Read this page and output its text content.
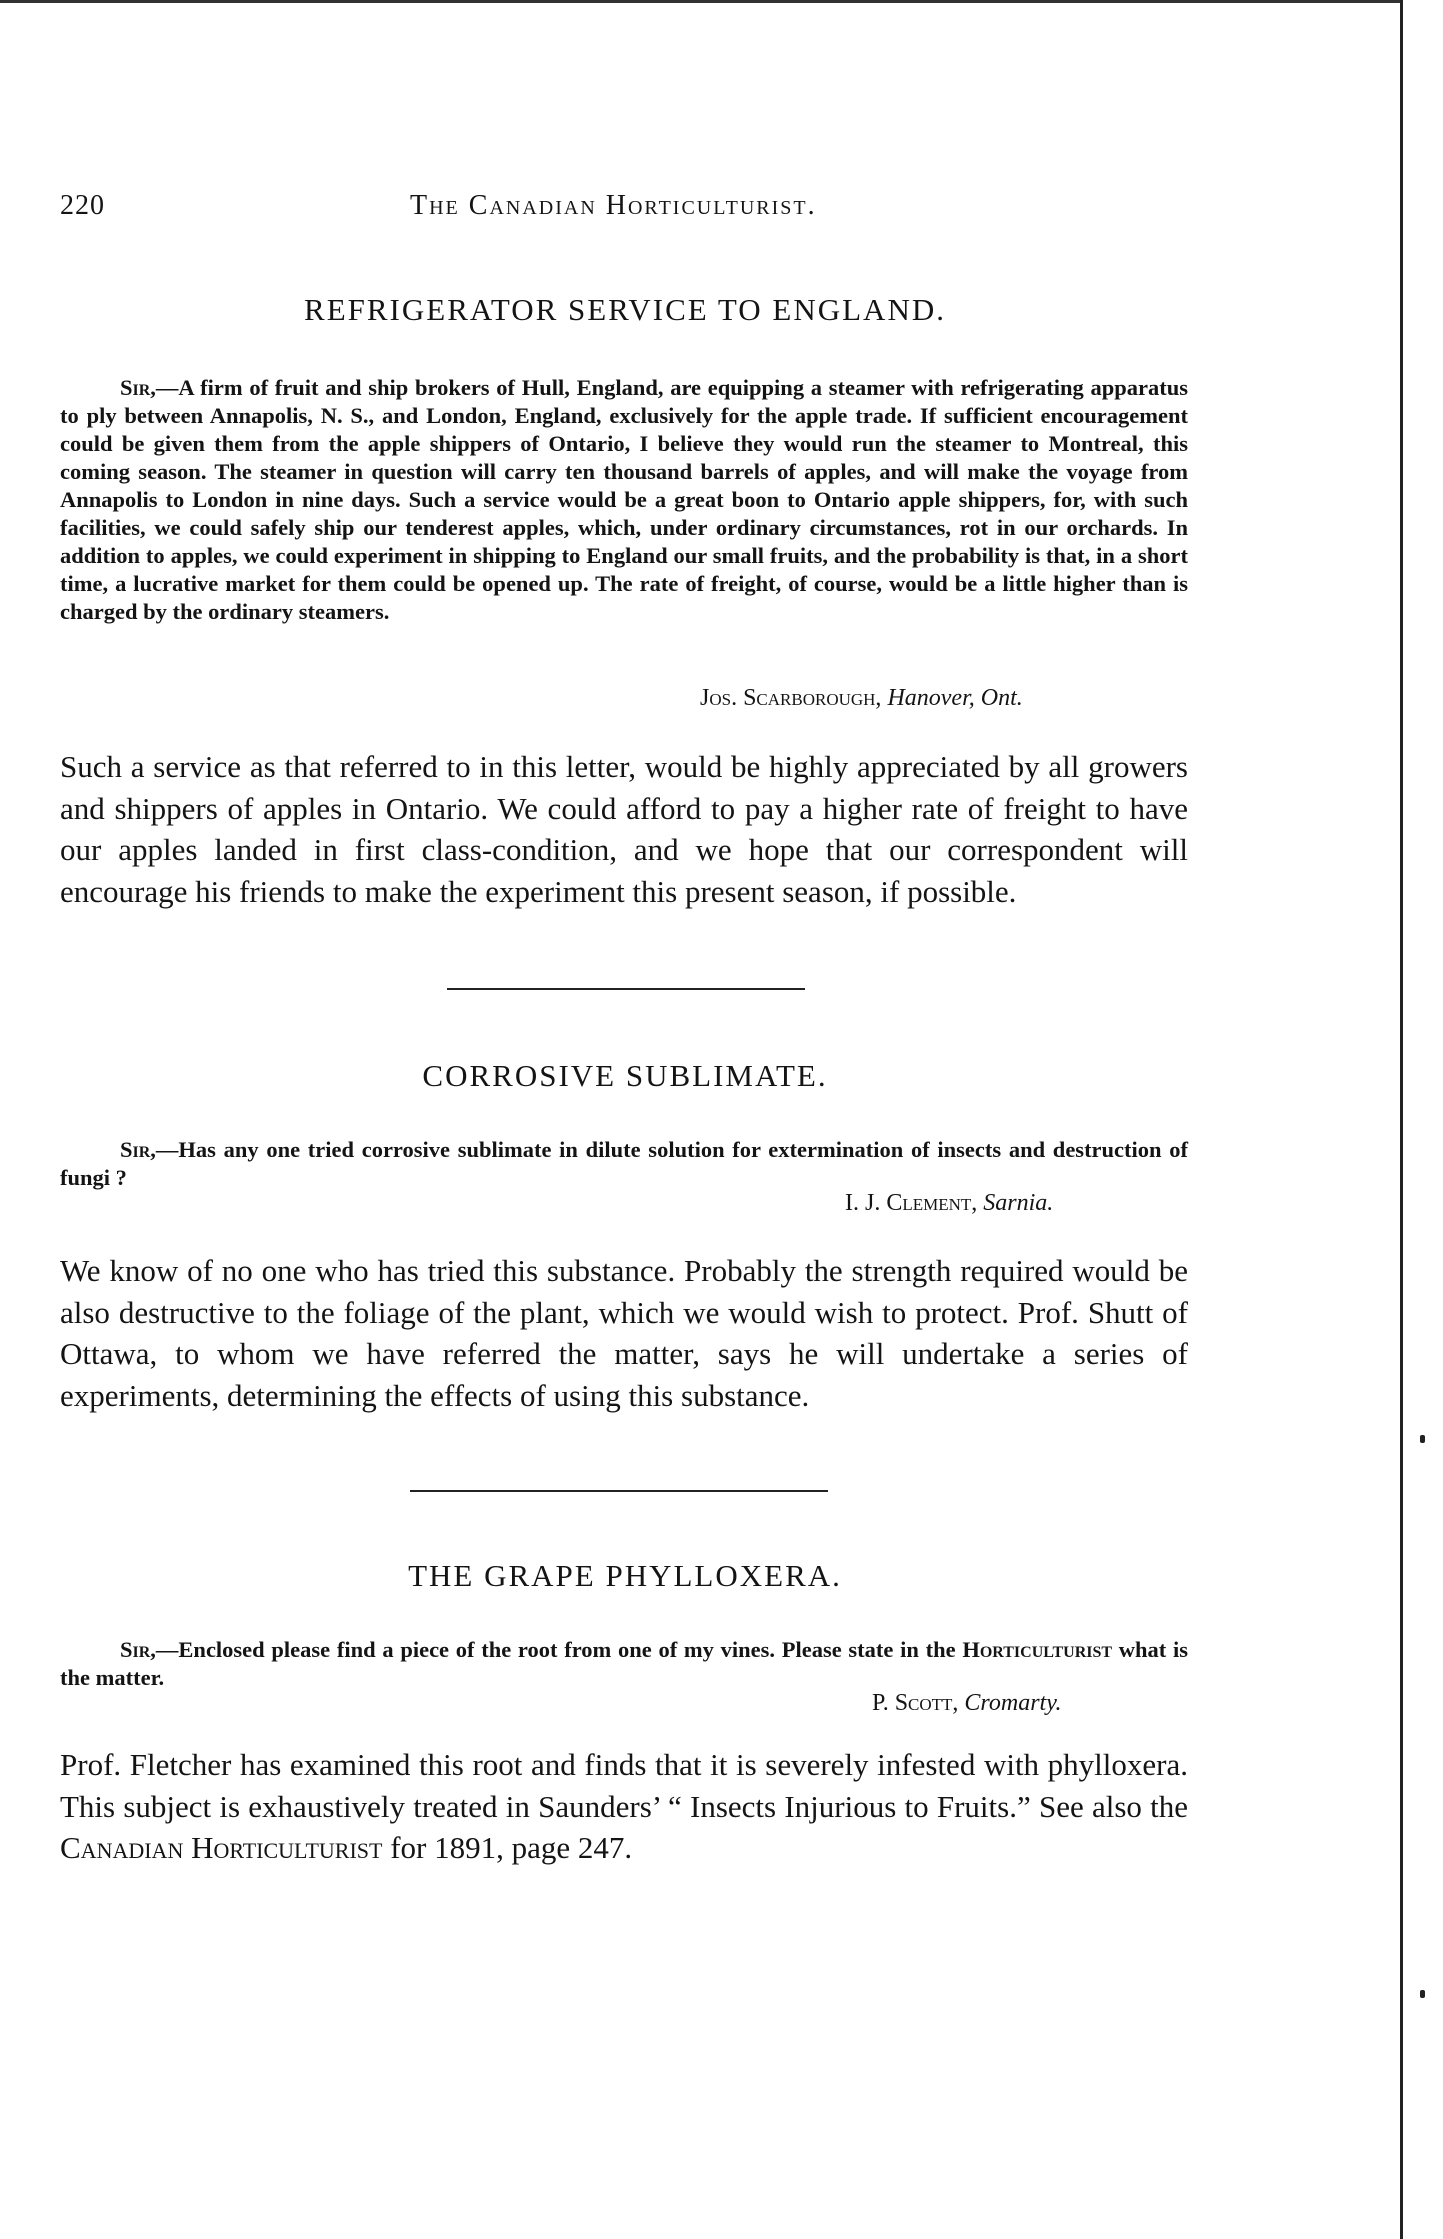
220	The Canadian Horticulturist.
REFRIGERATOR SERVICE TO ENGLAND.

Sir,—A firm of fruit and ship brokers of Hull, England, are equipping a steamer with refrigerating apparatus to ply between Annapolis, N. S., and London, England, exclusively for the apple trade. If sufficient encouragement could be given them from the apple shippers of Ontario, I believe they would run the steamer to Montreal, this coming season. The steamer in question will carry ten thousand barrels of apples, and will make the voyage from Annapolis to London in nine days. Such a service would be a great boon to Ontario apple shippers, for, with such facilities, we could safely ship our tenderest apples, which, under ordinary circumstances, rot in our orchards. In addition to apples, we could experiment in shipping to England our small fruits, and the probability is that, in a short time, a lucrative market for them could be opened up. The rate of freight, of course, would be a little higher than is charged by the ordinary steamers.

Jos. Scarborough, Hanover, Ont.

Such a service as that referred to in this letter, would be highly appreciated by all growers and shippers of apples in Ontario. We could afford to pay a higher rate of freight to have our apples landed in first class-condition, and we hope that our correspondent will encourage his friends to make the experiment this present season, if possible.

CORROSIVE SUBLIMATE.

Sir,—Has any one tried corrosive sublimate in dilute solution for extermination of insects and destruction of fungi ?

I. J. Clement, Sarnia.

We know of no one who has tried this substance. Probably the strength required would be also destructive to the foliage of the plant, which we would wish to protect. Prof. Shutt of Ottawa, to whom we have referred the matter, says he will undertake a series of experiments, determining the effects of using this substance.

THE GRAPE PHYLLOXERA.

Sir,—Enclosed please find a piece of the root from one of my vines. Please state in the Horticulturist what is the matter.

P. Scott, Cromarty.

Prof. Fletcher has examined this root and finds that it is severely infested with phylloxera. This subject is exhaustively treated in Saunders’ “ Insects Injurious to Fruits.” See also the Canadian Horticulturist for 1891, page 247.
